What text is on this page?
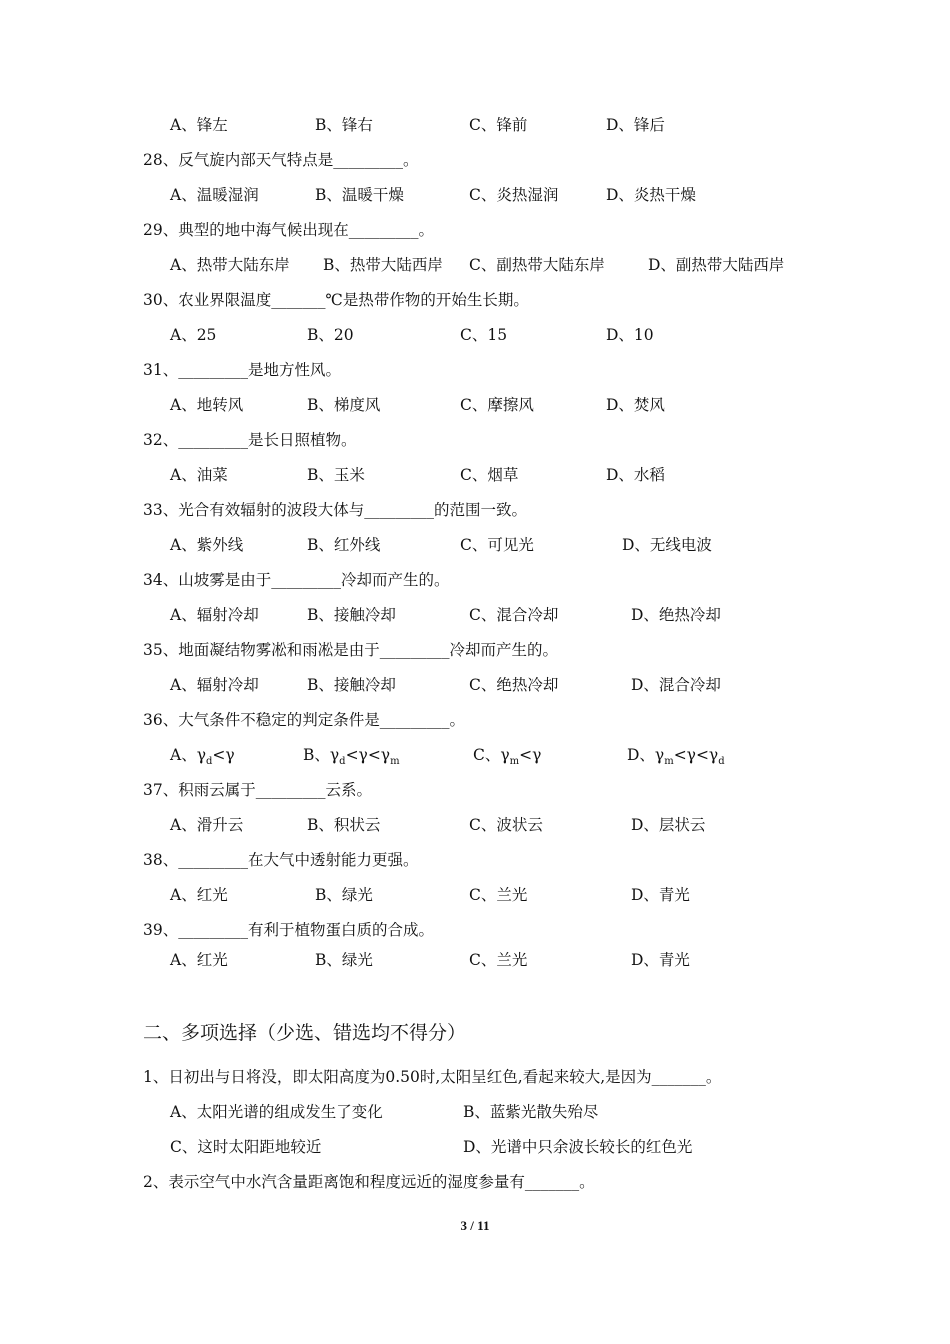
A、锋左	B、锋右	C、锋前	D、锋后
28、反气旋内部天气特点是_________。
A、温暖湿润	B、温暖干燥	C、炎热湿润	D、炎热干燥
29、典型的地中海气候出现在_________。
A、热带大陆东岸 B、热带大陆西岸 C、副热带大陆东岸	D、副热带大陆西岸
30、农业界限温度_______℃是热带作物的开始生长期。
A、25	B、20	C、15	D、10
31、_________是地方性风。
A、地转风	B、梯度风	C、摩擦风	D、焚风
32、_________是长日照植物。
A、油菜	B、玉米	C、烟草	D、水稻
33、光合有效辐射的波段大体与_________的范围一致。
A、紫外线	B、红外线	C、可见光	D、无线电波
34、山坡雾是由于_________冷却而产生的。
A、辐射冷却	B、接触冷却	C、混合冷却	D、绝热冷却
35、地面凝结物雾凇和雨凇是由于_________冷却而产生的。
A、辐射冷却	B、接触冷却	C、绝热冷却	D、混合冷却
36、大气条件不稳定的判定条件是_________。
A、$\gamma_d<\gamma$	B、$\gamma_d<\gamma<\gamma_m$	C、$\gamma_m<\gamma$	D、$\gamma_m<\gamma<\gamma_d$
37、积雨云属于_________云系。
A、滑升云	B、积状云	C、波状云	D、层状云
38、_________在大气中透射能力更强。
A、红光	B、绿光	C、兰光	D、青光
39、_________有利于植物蛋白质的合成。
A、红光	B、绿光	C、兰光	D、青光
二、多项选择（少选、错选均不得分）
1、日初出与日将没，即太阳高度为0.50时,太阳呈红色,看起来较大,是因为_______。
A、太阳光谱的组成发生了变化	B、蓝紫光散失殆尽
C、这时太阳距地较近	D、光谱中只余波长较长的红色光
2、表示空气中水汽含量距离饱和程度远近的湿度参量有_______。
3 / 11
